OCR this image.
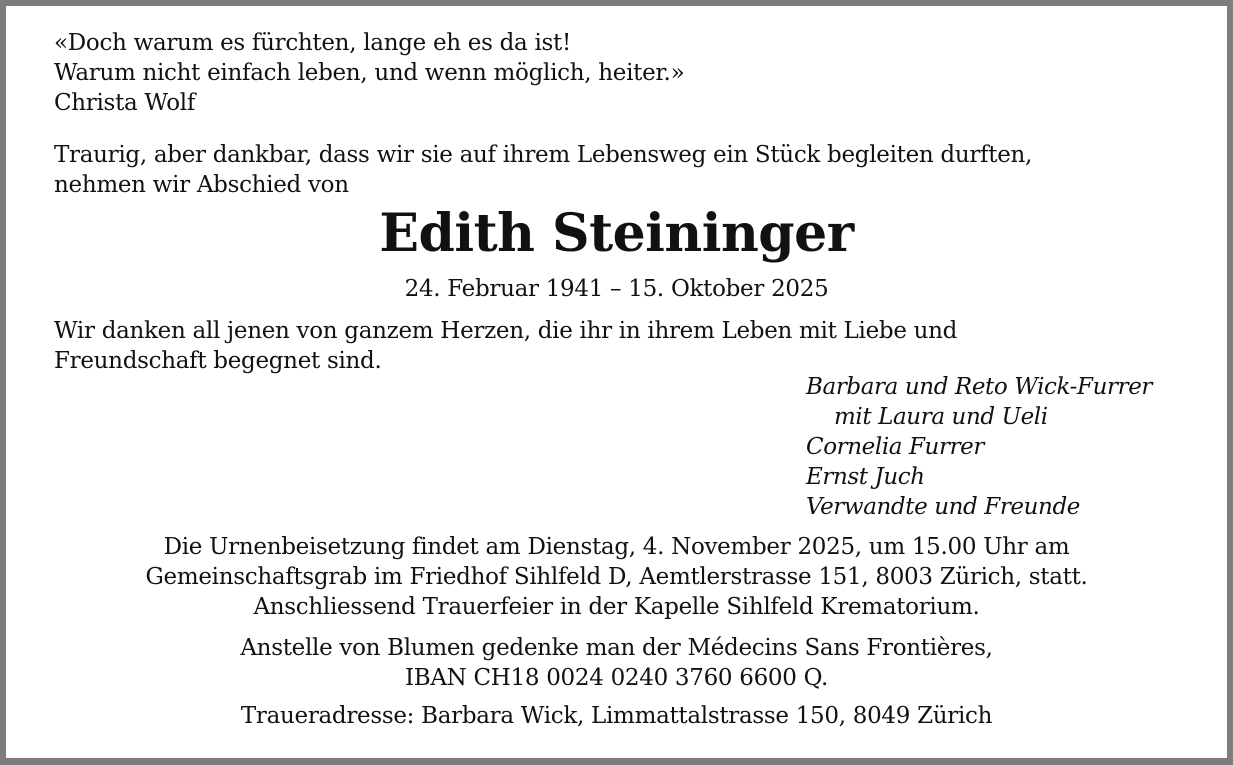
«Doch warum es fürchten, lange eh es da ist!
Warum nicht einfach leben, und wenn möglich, heiter.»
Christa Wolf
Traurig, aber dankbar, dass wir sie auf ihrem Lebensweg ein Stück begleiten durften,
nehmen wir Abschied von
Edith Steininger
24. Februar 1941 – 15. Oktober 2025
Wir danken all jenen von ganzem Herzen, die ihr in ihrem Leben mit Liebe und
Freundschaft begegnet sind.
Barbara und Reto Wick-Furrer
mit Laura und Ueli
Cornelia Furrer
Ernst Juch
Verwandte und Freunde
Die Urnenbeisetzung findet am Dienstag, 4. November 2025, um 15.00 Uhr am
Gemeinschaftsgrab im Friedhof Sihlfeld D, Aemtlerstrasse 151, 8003 Zürich, statt.
Anschliessend Trauerfeier in der Kapelle Sihlfeld Krematorium.
Anstelle von Blumen gedenke man der Médecins Sans Frontières,
IBAN CH18 0024 0240 3760 6600 Q.
Traueradresse: Barbara Wick, Limmattalstrasse 150, 8049 Zürich
